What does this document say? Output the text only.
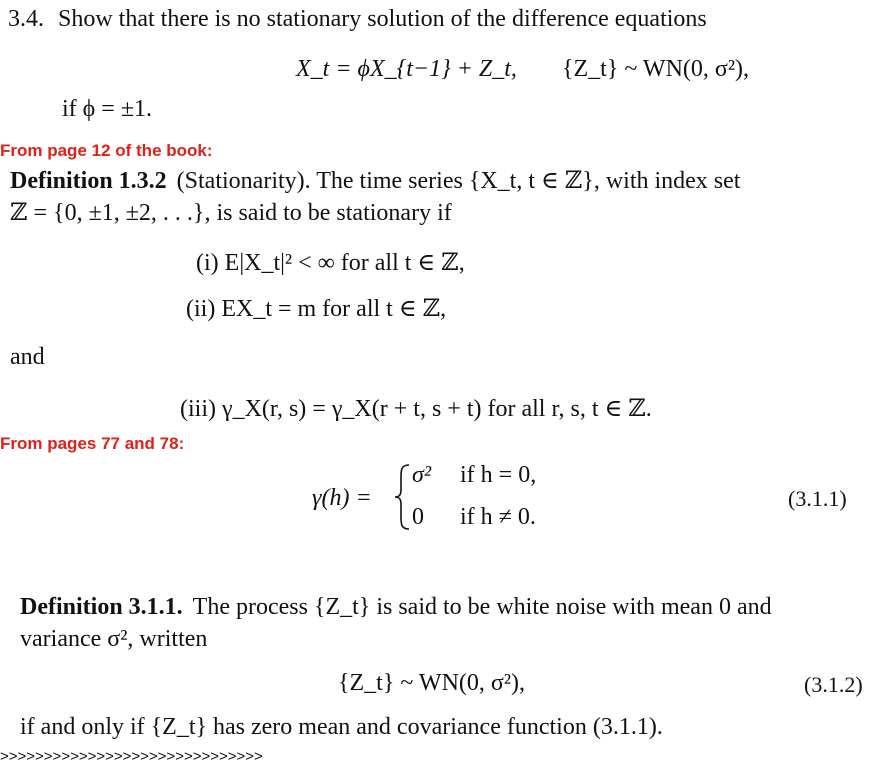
3.4. Show that there is no stationary solution of the difference equations
X_t = ϕX_{t−1} + Z_t, {Z_t} ~ WN(0, σ²),
if ϕ = ±1.
From page 12 of the book:
Definition 1.3.2 (Stationarity). The time series {X_t, t ∈ ℤ}, with index set
ℤ = {0, ±1, ±2, . . .}, is said to be stationary if
(i) E|X_t|² < ∞ for all t ∈ ℤ,
(ii) EX_t = m for all t ∈ ℤ,
and
(iii) γ_X(r, s) = γ_X(r + t, s + t) for all r, s, t ∈ ℤ.
From pages 77 and 78:
γ(h) =
σ² if h = 0,
0 if h ≠ 0.
(3.1.1)
Definition 3.1.1. The process {Z_t} is said to be white noise with mean 0 and
variance σ², written
{Z_t} ~ WN(0, σ²),	(3.1.2)
if and only if {Z_t} has zero mean and covariance function (3.1.1).
>>>>>>>>>>>>>>>>>>>>>>>>>>>>>>
